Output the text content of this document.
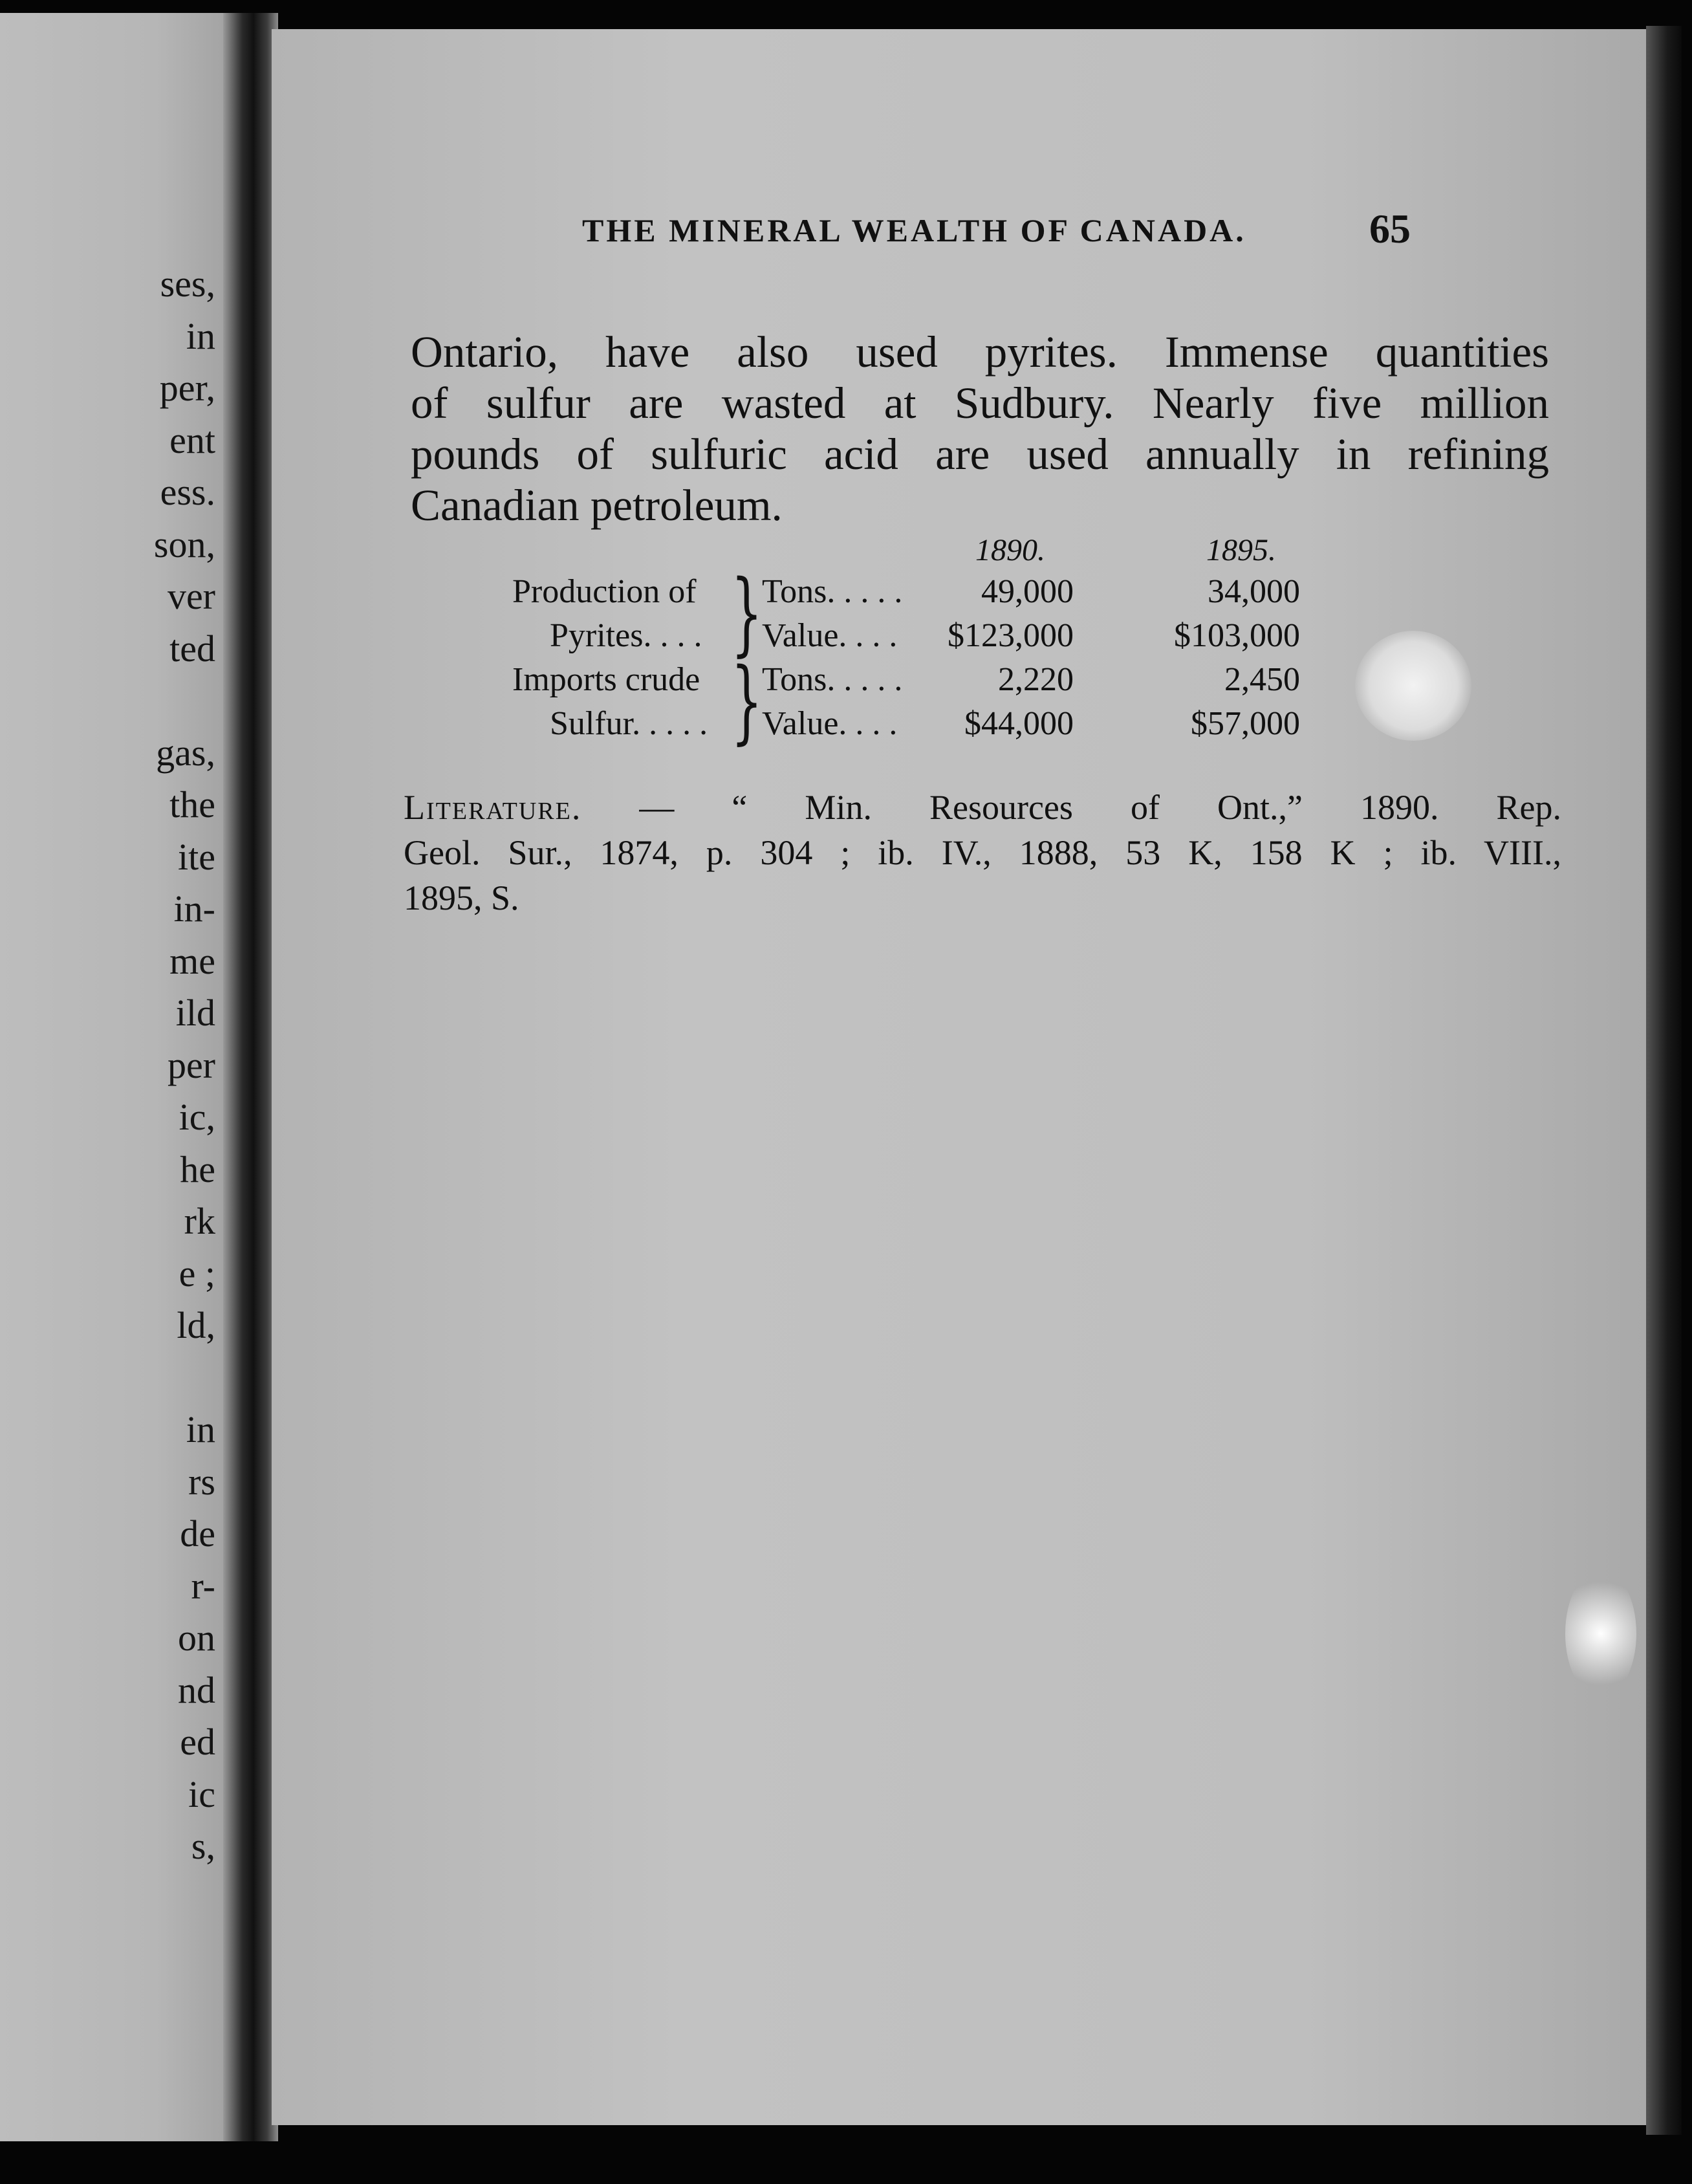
ses,
in
per,
ent
ess.
son,
ver
ted
gas,
the
ite
in-
me
ild
per
ic,
he
rk
e ;
ld,
in
rs
de
r-
on
nd
ed
ic
s,
THE MINERAL WEALTH OF CANADA.	65
Ontario, have also used pyrites. Immense quantities
of sulfur are wasted at Sudbury. Nearly five million
pounds of sulfuric acid are used annually in refining
Canadian petroleum.
1890.	1895.
Production of
Pyrites. . . . }
Tons. . . . .
Value. . . .
49,000
$123,000
34,000
$103,000
Imports crude
Sulfur. . . . . }
Tons. . . . .
Value. . . .
2,220
$44,000
2,450
$57,000
Literature. — “ Min. Resources of Ont.,” 1890. Rep.
Geol. Sur., 1874, p. 304 ; ib. IV., 1888, 53 K, 158 K ; ib. VIII.,
1895, S.
